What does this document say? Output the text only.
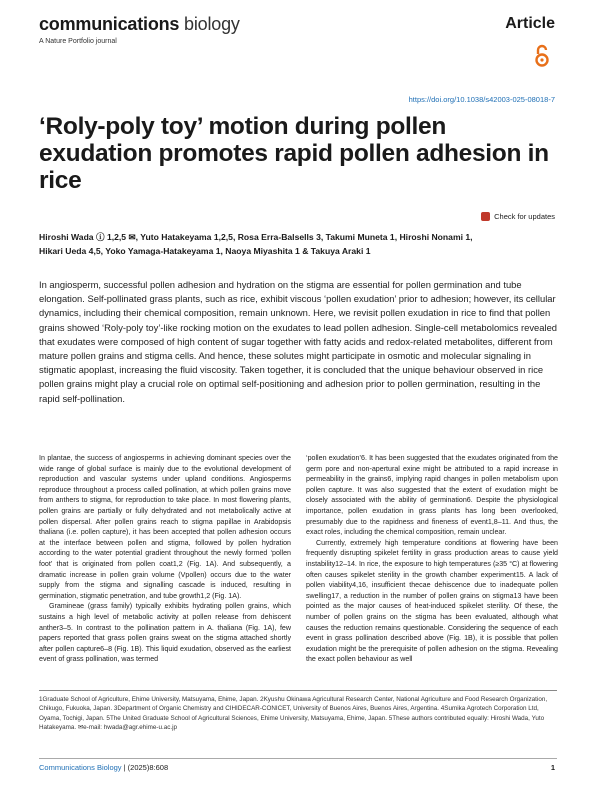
communications biology
A Nature Portfolio journal
Article
https://doi.org/10.1038/s42003-025-08018-7
‘Roly-poly toy’ motion during pollen exudation promotes rapid pollen adhesion in rice
Check for updates
Hiroshi Wada ⓘ 1,2,5 ✉, Yuto Hatakeyama 1,2,5, Rosa Erra-Balsells 3, Takumi Muneta 1, Hiroshi Nonami 1,
Hikari Ueda 4,5, Yoko Yamaga-Hatakeyama 1, Naoya Miyashita 1 & Takuya Araki 1
In angiosperm, successful pollen adhesion and hydration on the stigma are essential for pollen germination and tube elongation. Self-pollinated grass plants, such as rice, exhibit viscous ‘pollen exudation’ prior to adhesion; however, its cellular dynamics, including their chemical composition, remain unknown. Here, we revisit pollen exudation in rice to find that pollen grains showed ‘Roly-poly toy’-like rocking motion on the exudates to lead pollen adhesion. Single-cell metabolomics revealed that exudates were composed of high content of sugar together with fatty acids and redox-related metabolites, different from mature pollen grains and stigma cells. And hence, these solutes might participate in osmotic and molecular signaling in stigmatic apoplast, increasing the fluid viscosity. Taken together, it is concluded that the unique behaviour observed in rice pollen grains might play a crucial role on optimal self-positioning and adhesion prior to pollen germination, resulting in the rapid self-pollination.

In plantae, the success of angiosperms in achieving dominant species over the wide range of global surface is mainly due to the evolutional development of reproduction and vascular systems under upland conditions. Angiosperms reproduce throughout a process called pollination, at which pollen grains move from anthers to stigma, for reproduction to take place. In most flowering plants, pollen grains are partially or fully dehydrated and not metabolically active at pollen dispersal. After pollen grains reach to stigma papillae in Arabidopsis thaliana (i.e. pollen capture), it has been accepted that pollen adhesion occurs at the interface between pollen and stigma, followed by pollen hydration according to the water potential gradient throughout the newly formed ‘pollen foot’ that is originated from pollen coat1,2 (Fig. 1A). And subsequently, a dramatic increase in pollen grain volume (Vpollen) occurs due to the water supply from the stigma and signalling cascade is induced, resulting in germination, stigmatic penetration, and tube growth1,2 (Fig. 1A).

Gramineae (grass family) typically exhibits hydrating pollen grains, which sustains a high level of metabolic activity at pollen release from dehiscent anther3–5. In contrast to the pollination pattern in A. thaliana (Fig. 1A), few papers reported that grass pollen grains sweat on the stigma attached shortly after pollen capture6–8 (Fig. 1B). This liquid exudation, observed as the earliest event of grass pollination, was termed

‘pollen exudation’6. It has been suggested that the exudates originated from the germ pore and non-apertural exine might be attributed to a rapid increase in permeability in the grains6, implying rapid changes in pollen metabolism upon pollen capture. It was also suggested that the extent of exudation might be closely associated with the ability of germination6. Despite the physiological importance, pollen exudation in grass plants has long been overlooked, presumably due to the rapidness and fineness of event1,8–11. And thus, the exact roles, including the chemical composition, remain unclear.

Currently, extremely high temperature conditions at flowering have been frequently disrupting spikelet fertility in grass production areas to cause yield instability12–14. In rice, the exposure to high temperatures (≥35 °C) at flowering often causes spikelet sterility in the growth chamber experiment15. A lack of pollen viability4,16, insufficient thecae dehiscence due to inadequate pollen swelling17, a reduction in the number of pollen grains on stigma13 have been pointed as the major causes of heat-induced spikelet sterility. Of these, the number of pollen grains on the stigma has been evaluated, although what causes the reduction remains questionable. Considering the sequence of each event in grass pollination described above (Fig. 1B), it is possible that pollen exudation might be the prerequisite of pollen adhesion on the stigma. Revealing the exact pollen behaviour as well

1Graduate School of Agriculture, Ehime University, Matsuyama, Ehime, Japan. 2Kyushu Okinawa Agricultural Research Center, National Agriculture and Food Research Organization, Chikugo, Fukuoka, Japan. 3Department of Organic Chemistry and CIHIDECAR-CONICET, University of Buenos Aires, Buenos Aires, Argentina. 4Sumika Agrotech Corporation Ltd, Oyama, Tochigi, Japan. 5The United Graduate School of Agricultural Sciences, Ehime University, Matsuyama, Ehime, Japan. 5These authors contributed equally: Hiroshi Wada, Yuto Hatakeyama. ✉e-mail: hwada@agr.ehime-u.ac.jp
Communications Biology | (2025)8:608	1
